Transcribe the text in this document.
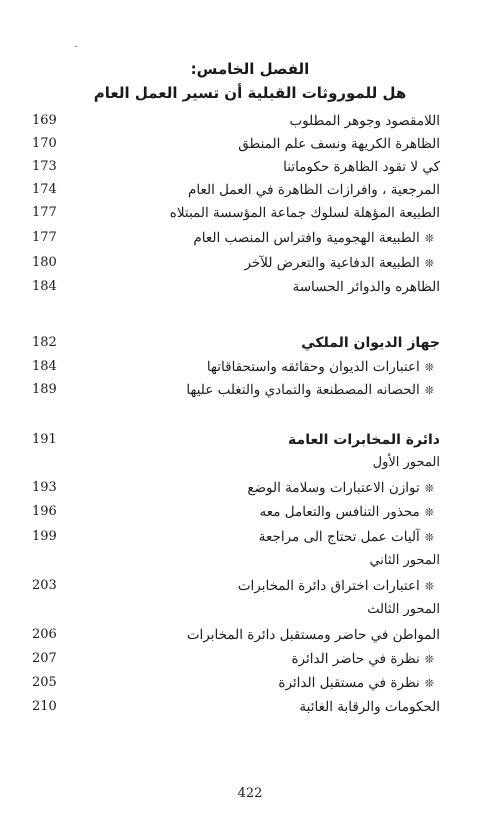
الفصل الخامس:
هل للموروثات القبلية أن تسير العمل العام
اللامقصود وجوهر المطلوب
169
الظاهرة الكريهة ونسف علم المنطق
170
كي لا تقود الظاهرة حكوماتنا
173
المرجعية ، وافرازات الظاهرة في العمل العام
174
الطبيعة المؤهلة لسلوك جماعة المؤسسة المبتلاه
177
❊الطبيعة الهجومية وافتراس المنصب العام
177
❊الطبيعة الدفاعية والتعرض للآخر
180
الظاهره والدوائر الحساسة
184
جهاز الديوان الملكي
182
❊اعتبارات الديوان وحقائقه واستحقاقاتها
184
❊الحصانه المصطنعة والتمادي والتغلب عليها
189
دائرة المخابرات العامة
191
المحور الأول
❊توازن الاعتبارات وسلامة الوضع
193
❊محذور التنافس والتعامل معه
196
❊آليات عمل تحتاج الى مراجعة
199
المحور الثاني
❊اعتبارات اختراق دائرة المخابرات
203
المحور الثالث
المواطن في حاضر ومستقبل دائرة المخابرات
206
❊نظرة في حاضر الدائرة
207
❊نظرة في مستقبل الدائرة
205
الحكومات والرقابة الغائبة
210
422
